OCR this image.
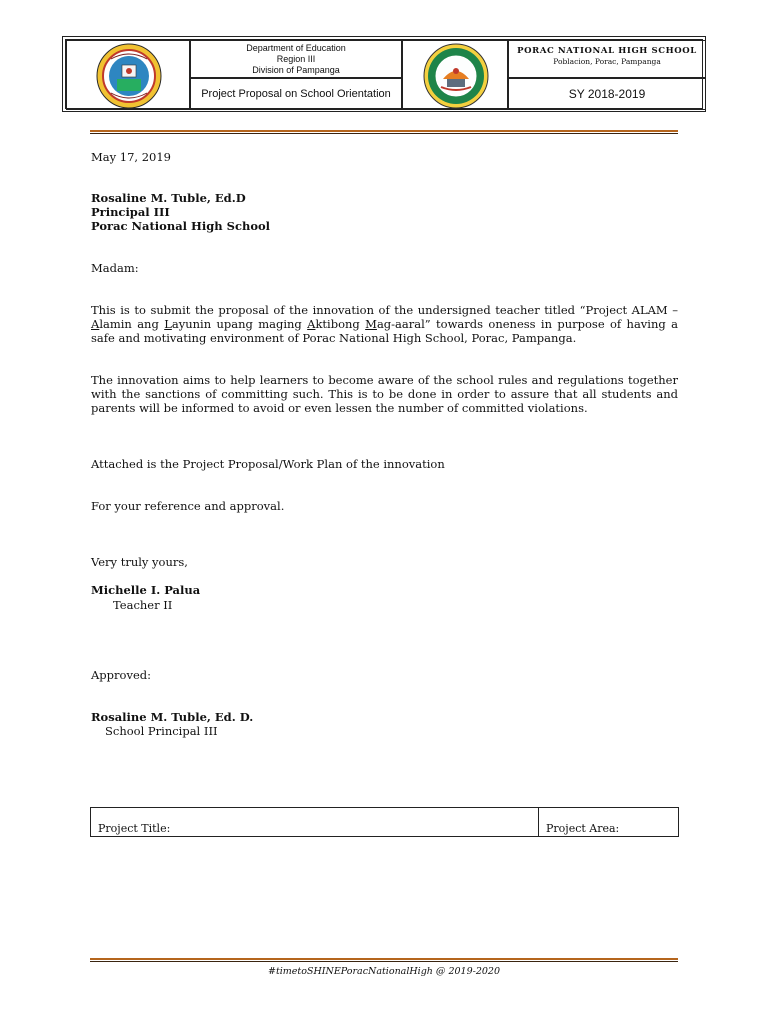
Department of Education
Region III
Division of Pampanga
Project Proposal on School Orientation
PORAC NATIONAL HIGH SCHOOL
Poblacion, Porac, Pampanga
SY 2018-2019
May 17, 2019
Rosaline M. Tuble, Ed.D
Principal III
Porac National High School
Madam:
This is to submit the proposal of the innovation of the undersigned teacher titled “Project ALAM – Alamin ang Layunin upang maging Aktibong Mag-aaral” towards oneness in purpose of having a safe and motivating environment of Porac National High School, Porac, Pampanga.
The innovation aims to help learners to become aware of the school rules and regulations together with the sanctions of committing such. This is to be done in order to assure that all students and parents will be informed to avoid or even lessen the number of committed violations.
Attached is the Project Proposal/Work Plan of the innovation
For your reference and approval.
Very truly yours,
Michelle I. Palua
Teacher II
Approved:
Rosaline M. Tuble, Ed. D.
School Principal III
Project Title:	Project Area:
#timetoSHINEPoracNationalHigh @ 2019-2020
